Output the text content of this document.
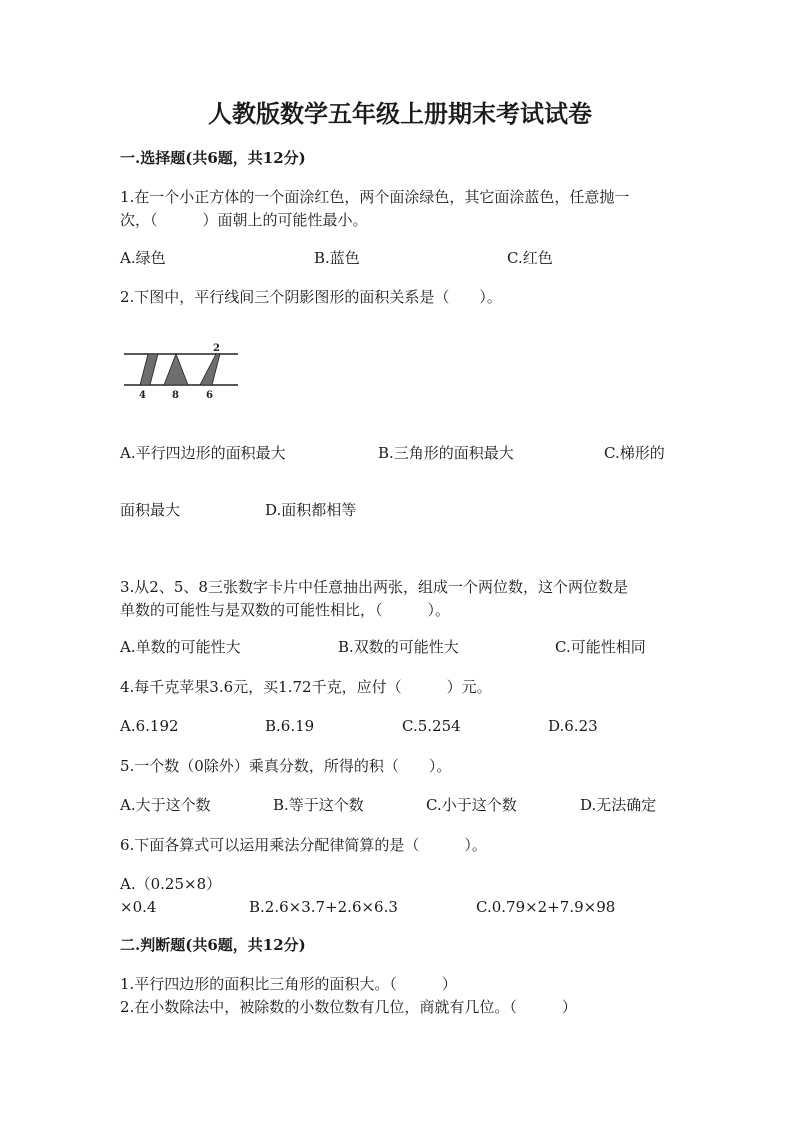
人教版数学五年级上册期末考试试卷
一.选择题(共6题，共12分)
1.在一个小正方体的一个面涂红色，两个面涂绿色，其它面涂蓝色，任意抛一
次，（　　　）面朝上的可能性最小。
A.绿色	B.蓝色	C.红色
2.下图中，平行线间三个阴影图形的面积关系是（　　）。
2
4	8	6
A.平行四边形的面积最大	B.三角形的面积最大	C.梯形的
面积最大	D.面积都相等
3.从2、5、8三张数字卡片中任意抽出两张，组成一个两位数，这个两位数是
单数的可能性与是双数的可能性相比，（　　　）。
A.单数的可能性大	B.双数的可能性大	C.可能性相同
4.每千克苹果3.6元，买1.72千克，应付（　　　）元。
A.6.192	B.6.19	C.5.254	D.6.23
5.一个数（0除外）乘真分数，所得的积（　　）。
A.大于这个数	B.等于这个数	C.小于这个数	D.无法确定
6.下面各算式可以运用乘法分配律简算的是（　　　）。
A.（0.25×8）
×0.4	B.2.6×3.7+2.6×6.3	C.0.79×2+7.9×98
二.判断题(共6题，共12分)
1.平行四边形的面积比三角形的面积大。（　　　）
2.在小数除法中，被除数的小数位数有几位，商就有几位。（　　　）
